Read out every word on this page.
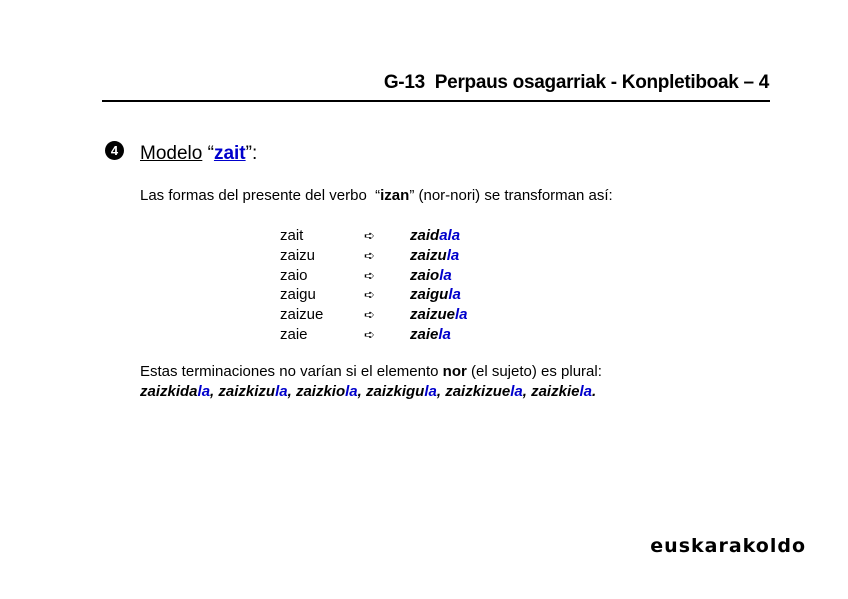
G-13  Perpaus osagarriak - Konpletiboak – 4
4	Modelo “zait”:
Las formas del presente del verbo  “izan” (nor-nori) se transforman así:
zait	➪	zaidala
zaizu	➪	zaizula
zaio	➪	zaiola
zaigu	➪	zaigula
zaizue	➪	zaizuela
zaie	➪	zaiela
Estas terminaciones no varían si el elemento nor (el sujeto) es plural:
zaizkidala, zaizkizula, zaizkiola, zaizkigula, zaizkizuela, zaizkiela.
euskarakoldo
